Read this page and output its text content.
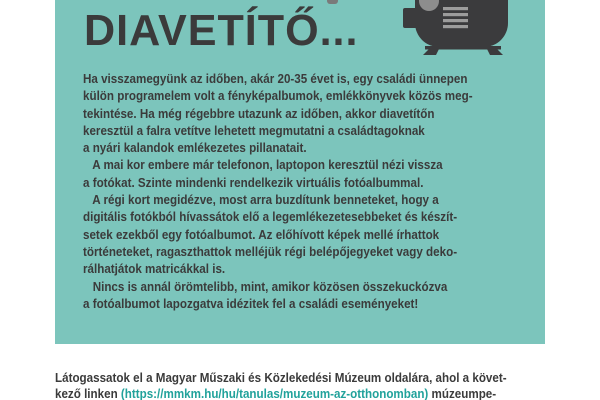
DIAVETÍTŐ...
Ha visszamegyünk az időben, akár 20-35 évet is, egy családi ünnepen
külön programelem volt a fényképalbumok, emlékkönyvek közös meg-
tekintése. Ha még régebbre utazunk az időben, akkor diavetítőn
keresztül a falra vetítve lehetett megmutatni a családtagoknak
a nyári kalandok emlékezetes pillanatait.
A mai kor embere már telefonon, laptopon keresztül nézi vissza
a fotókat. Szinte mindenki rendelkezik virtuális fotóalbummal.
A régi kort megidézve, most arra buzdítunk benneteket, hogy a
digitális fotókból hívassátok elő a legemlékezetesebbeket és készít-
setek ezekből egy fotóalbumot. Az előhívott képek mellé írhattok
történeteket, ragaszthattok melléjük régi belépőjegyeket vagy deko-
rálhatjátok matricákkal is.
Nincs is annál örömtelibb, mint, amikor közösen összekuckózva
a fotóalbumot lapozgatva idézitek fel a családi eseményeket!
Látogassatok el a Magyar Műszaki és Közlekedési Múzeum oldalára, ahol a követ-
kező linken (https://mmkm.hu/hu/tanulas/muzeum-az-otthonomban) múzeumpe-
